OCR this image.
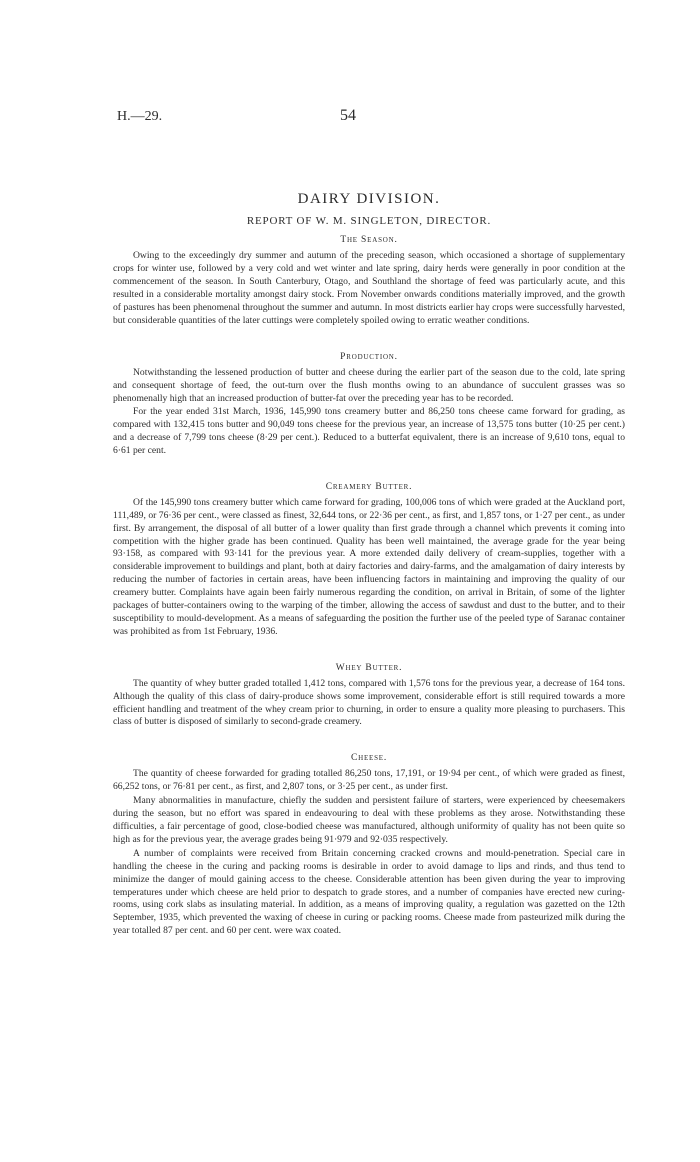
H.—29.	54
DAIRY DIVISION.
REPORT OF W. M. SINGLETON, DIRECTOR.
The Season.

Owing to the exceedingly dry summer and autumn of the preceding season, which occasioned a shortage of supplementary crops for winter use, followed by a very cold and wet winter and late spring, dairy herds were generally in poor condition at the commencement of the season. In South Canterbury, Otago, and Southland the shortage of feed was particularly acute, and this resulted in a considerable mortality amongst dairy stock. From November onwards conditions materially improved, and the growth of pastures has been phenomenal throughout the summer and autumn. In most districts earlier hay crops were successfully harvested, but considerable quantities of the later cuttings were completely spoiled owing to erratic weather conditions.

Production.

Notwithstanding the lessened production of butter and cheese during the earlier part of the season due to the cold, late spring and consequent shortage of feed, the out-turn over the flush months owing to an abundance of succulent grasses was so phenomenally high that an increased production of butter-fat over the preceding year has to be recorded.

For the year ended 31st March, 1936, 145,990 tons creamery butter and 86,250 tons cheese came forward for grading, as compared with 132,415 tons butter and 90,049 tons cheese for the previous year, an increase of 13,575 tons butter (10·25 per cent.) and a decrease of 7,799 tons cheese (8·29 per cent.). Reduced to a butterfat equivalent, there is an increase of 9,610 tons, equal to 6·61 per cent.

Creamery Butter.

Of the 145,990 tons creamery butter which came forward for grading, 100,006 tons of which were graded at the Auckland port, 111,489, or 76·36 per cent., were classed as finest, 32,644 tons, or 22·36 per cent., as first, and 1,857 tons, or 1·27 per cent., as under first. By arrangement, the disposal of all butter of a lower quality than first grade through a channel which prevents it coming into competition with the higher grade has been continued. Quality has been well maintained, the average grade for the year being 93·158, as compared with 93·141 for the previous year. A more extended daily delivery of cream-supplies, together with a considerable improvement to buildings and plant, both at dairy factories and dairy-farms, and the amalgamation of dairy interests by reducing the number of factories in certain areas, have been influencing factors in maintaining and improving the quality of our creamery butter. Complaints have again been fairly numerous regarding the condition, on arrival in Britain, of some of the lighter packages of butter-containers owing to the warping of the timber, allowing the access of sawdust and dust to the butter, and to their susceptibility to mould-development. As a means of safeguarding the position the further use of the peeled type of Saranac container was prohibited as from 1st February, 1936.

Whey Butter.

The quantity of whey butter graded totalled 1,412 tons, compared with 1,576 tons for the previous year, a decrease of 164 tons. Although the quality of this class of dairy-produce shows some improvement, considerable effort is still required towards a more efficient handling and treatment of the whey cream prior to churning, in order to ensure a quality more pleasing to purchasers. This class of butter is disposed of similarly to second-grade creamery.

Cheese.

The quantity of cheese forwarded for grading totalled 86,250 tons, 17,191, or 19·94 per cent., of which were graded as finest, 66,252 tons, or 76·81 per cent., as first, and 2,807 tons, or 3·25 per cent., as under first.

Many abnormalities in manufacture, chiefly the sudden and persistent failure of starters, were experienced by cheesemakers during the season, but no effort was spared in endeavouring to deal with these problems as they arose. Notwithstanding these difficulties, a fair percentage of good, close-bodied cheese was manufactured, although uniformity of quality has not been quite so high as for the previous year, the average grades being 91·979 and 92·035 respectively.

A number of complaints were received from Britain concerning cracked crowns and mould-penetration. Special care in handling the cheese in the curing and packing rooms is desirable in order to avoid damage to lips and rinds, and thus tend to minimize the danger of mould gaining access to the cheese. Considerable attention has been given during the year to improving temperatures under which cheese are held prior to despatch to grade stores, and a number of companies have erected new curing-rooms, using cork slabs as insulating material. In addition, as a means of improving quality, a regulation was gazetted on the 12th September, 1935, which prevented the waxing of cheese in curing or packing rooms. Cheese made from pasteurized milk during the year totalled 87 per cent. and 60 per cent. were wax coated.
